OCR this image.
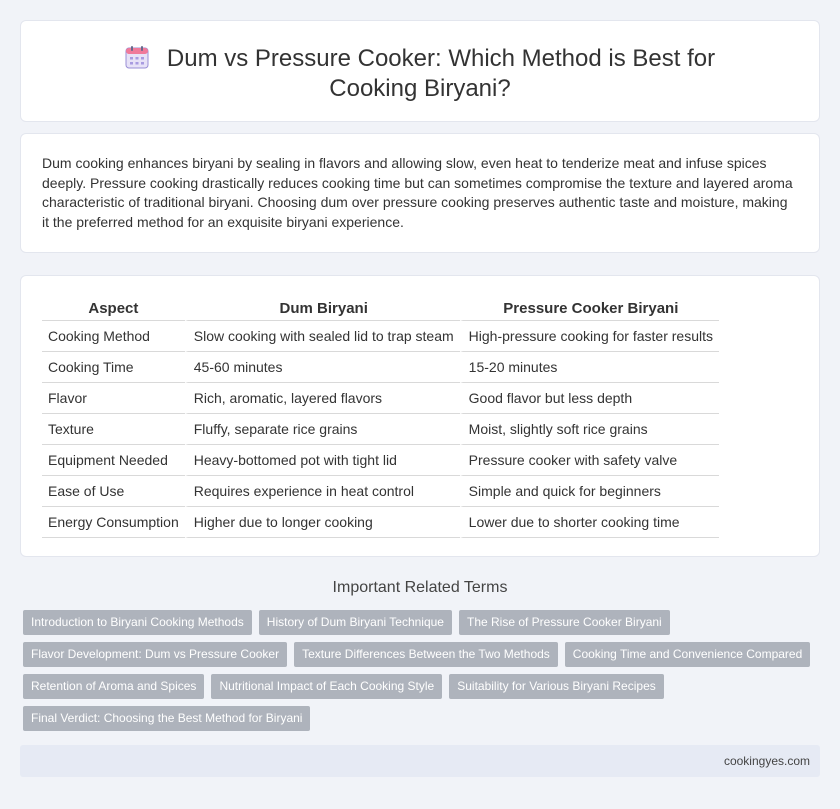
Dum vs Pressure Cooker: Which Method is Best for Cooking Biryani?

Dum cooking enhances biryani by sealing in flavors and allowing slow, even heat to tenderize meat and infuse spices deeply. Pressure cooking drastically reduces cooking time but can sometimes compromise the texture and layered aroma characteristic of traditional biryani. Choosing dum over pressure cooking preserves authentic taste and moisture, making it the preferred method for an exquisite biryani experience.

Aspect	Dum Biryani	Pressure Cooker Biryani
Cooking Method	Slow cooking with sealed lid to trap steam	High-pressure cooking for faster results
Cooking Time	45-60 minutes	15-20 minutes
Flavor	Rich, aromatic, layered flavors	Good flavor but less depth
Texture	Fluffy, separate rice grains	Moist, slightly soft rice grains
Equipment Needed	Heavy-bottomed pot with tight lid	Pressure cooker with safety valve
Ease of Use	Requires experience in heat control	Simple and quick for beginners
Energy Consumption	Higher due to longer cooking	Lower due to shorter cooking time
Important Related Terms
Introduction to Biryani Cooking Methods	History of Dum Biryani Technique	The Rise of Pressure Cooker Biryani
Flavor Development: Dum vs Pressure Cooker	Texture Differences Between the Two Methods	Cooking Time and Convenience Compared
Retention of Aroma and Spices	Nutritional Impact of Each Cooking Style	Suitability for Various Biryani Recipes
Final Verdict: Choosing the Best Method for Biryani
cookingyes.com
